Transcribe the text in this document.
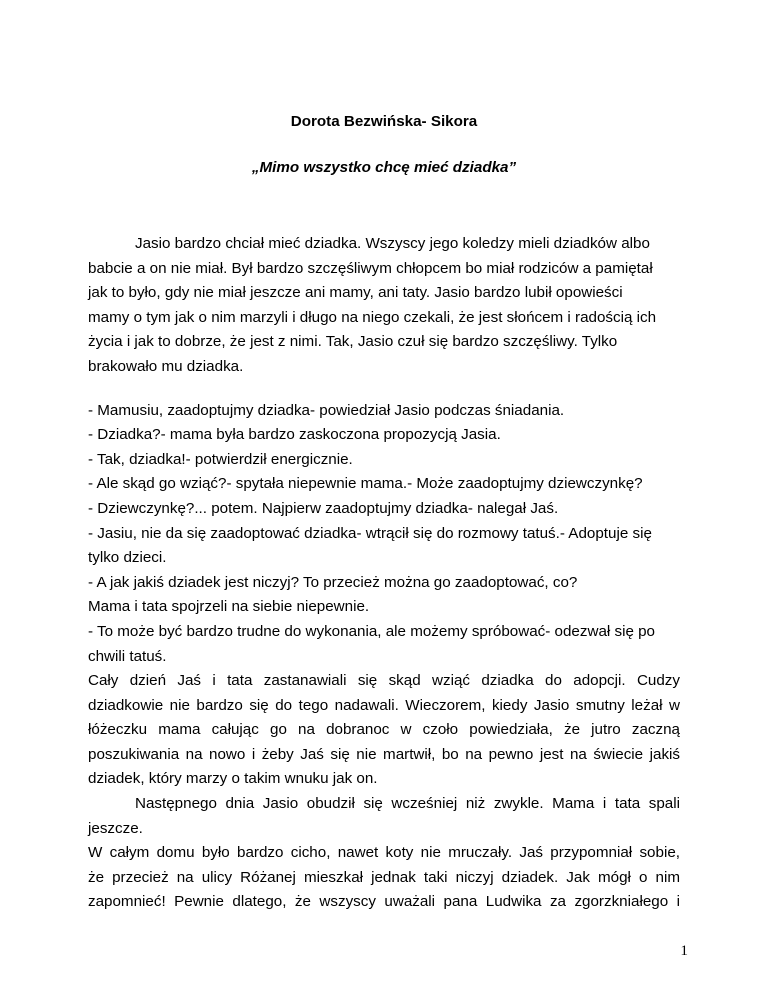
Dorota Bezwińska- Sikora
„Mimo wszystko chcę mieć dziadka”

Jasio bardzo chciał mieć dziadka. Wszyscy jego koledzy mieli dziadków albo
babcie a on nie miał. Był bardzo szczęśliwym chłopcem bo miał rodziców a pamiętał
jak to było, gdy nie miał jeszcze ani mamy, ani taty. Jasio bardzo lubił opowieści
mamy o tym jak o nim marzyli i długo na niego czekali, że jest słońcem i radością ich
życia i jak to dobrze, że jest z nimi. Tak, Jasio czuł się bardzo szczęśliwy. Tylko
brakowało mu dziadka.

- Mamusiu, zaadoptujmy dziadka- powiedział Jasio podczas śniadania.
- Dziadka?- mama była bardzo zaskoczona propozycją Jasia.
- Tak, dziadka!- potwierdził energicznie.
- Ale skąd go wziąć?- spytała niepewnie mama.- Może zaadoptujmy dziewczynkę?
- Dziewczynkę?... potem. Najpierw zaadoptujmy dziadka- nalegał Jaś.
- Jasiu, nie da się zaadoptować dziadka- wtrącił się do rozmowy tatuś.- Adoptuje się
tylko dzieci.
- A jak jakiś dziadek jest niczyj? To przecież można go zaadoptować, co?
Mama i tata spojrzeli na siebie niepewnie.
- To może być bardzo trudne do wykonania, ale możemy spróbować- odezwał się po
chwili tatuś.

Cały dzień Jaś i tata zastanawiali się skąd wziąć dziadka do adopcji. Cudzy
dziadkowie nie bardzo się do tego nadawali. Wieczorem, kiedy Jasio smutny leżał w
łóżeczku mama całując go na dobranoc w czoło powiedziała, że jutro zaczną
poszukiwania na nowo i żeby Jaś się nie martwił, bo na pewno jest na świecie jakiś
dziadek, który marzy o takim wnuku jak on.

Następnego dnia Jasio obudził się wcześniej niż zwykle. Mama i tata spali
jeszcze.

W całym domu było bardzo cicho, nawet koty nie mruczały. Jaś przypomniał sobie,
że przecież na ulicy Różanej mieszkał jednak taki niczyj dziadek. Jak mógł o nim
zapomnieć! Pewnie dlatego, że wszyscy uważali pana Ludwika za zgorzkniałego i

1
